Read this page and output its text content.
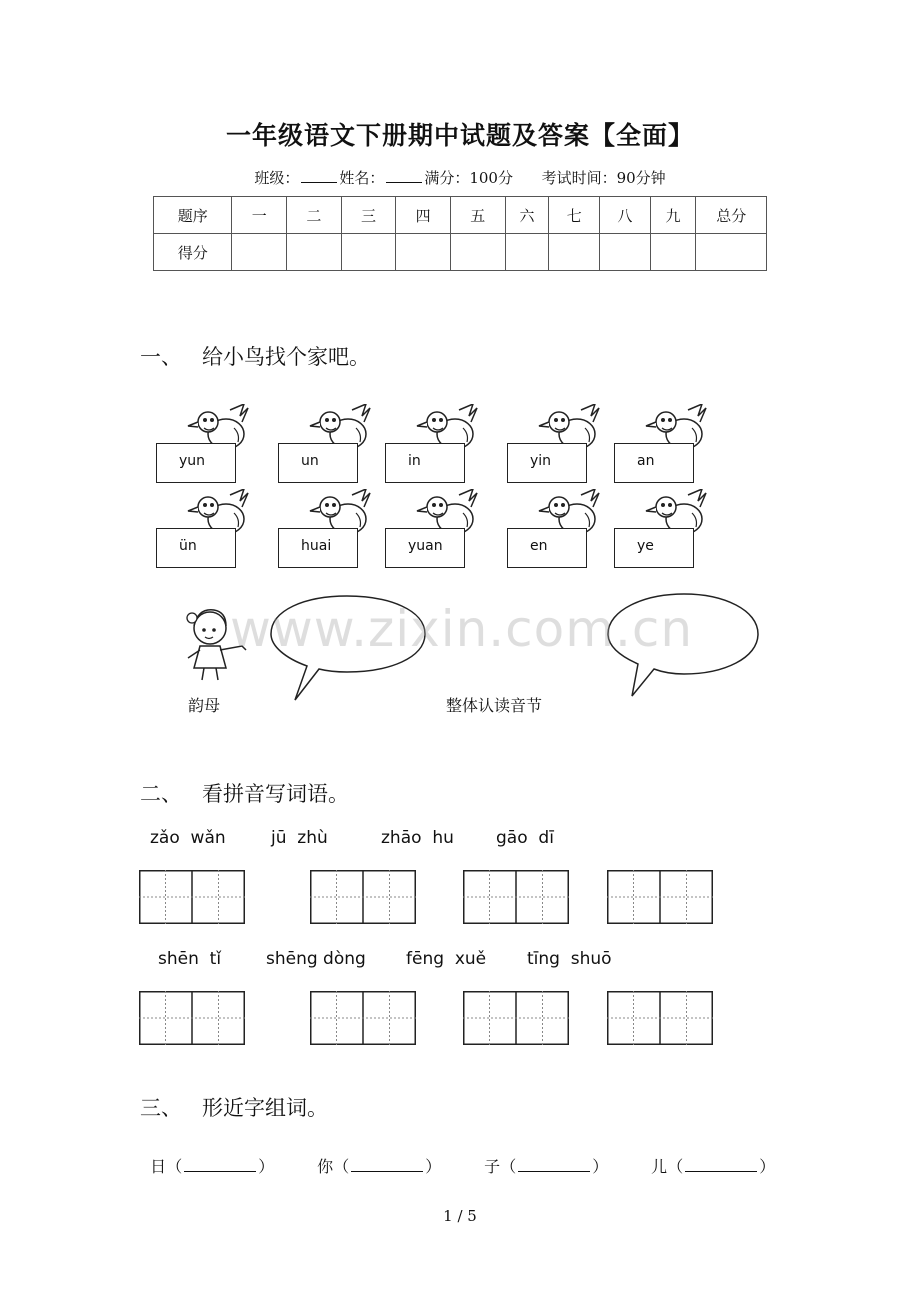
一年级语文下册期中试题及答案【全面】
班级：	姓名：	满分：100分 考试时间：90分钟
题序	一	二	三	四	五	六	七	八	九	总分
得分										
一、 给小鸟找个家吧。
yun	un	in	yin	an
ün	huai	yuan	en	ye
www.zixin.com.cn
韵母	整体认读音节
二、 看拼音写词语。
zǎo  wǎn	jū  zhù	zhāo  hu gāo  dī
shēn  tǐ	shēng dòng fēng  xuě tīng  shuō
三、 形近字组词。

日（	）	你（	）	子（	）	儿（	）

1 / 5
